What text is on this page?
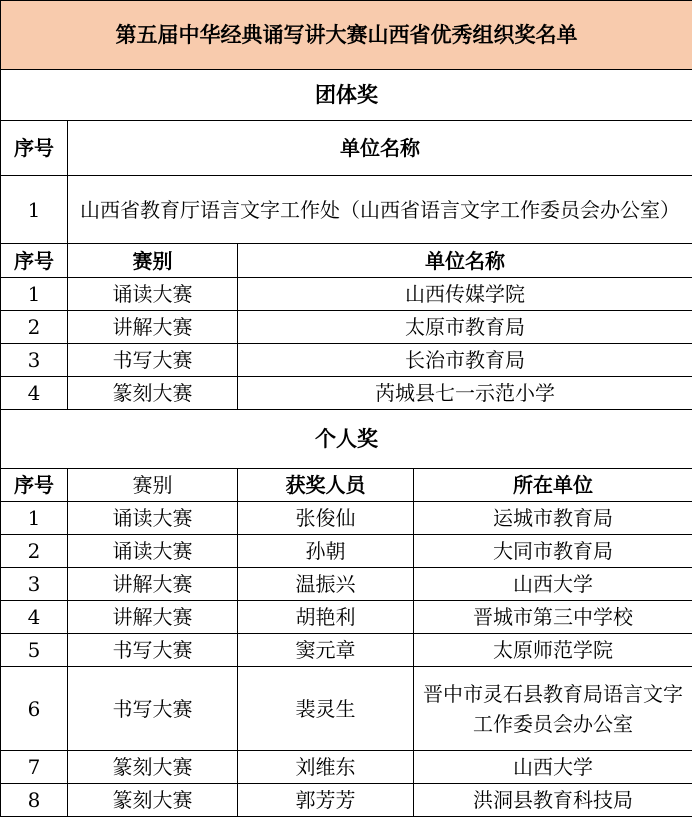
第五届中华经典诵写讲大赛山西省优秀组织奖名单			
团体奖			
序号	单位名称		
1	山西省教育厅语言文字工作处（山西省语言文字工作委员会办公室）		
序号	赛别	单位名称	
1	诵读大赛	山西传媒学院	
2	讲解大赛	太原市教育局	
3	书写大赛	长治市教育局	
4	篆刻大赛	芮城县七一示范小学	
个人奖			
序号	赛别	获奖人员	所在单位
1	诵读大赛	张俊仙	运城市教育局
2	诵读大赛	孙朝	大同市教育局
3	讲解大赛	温振兴	山西大学
4	讲解大赛	胡艳利	晋城市第三中学校
5	书写大赛	窦元章	太原师范学院
6	书写大赛	裴灵生	晋中市灵石县教育局语言文字工作委员会办公室
7	篆刻大赛	刘维东	山西大学
8	篆刻大赛	郭芳芳	洪洞县教育科技局
